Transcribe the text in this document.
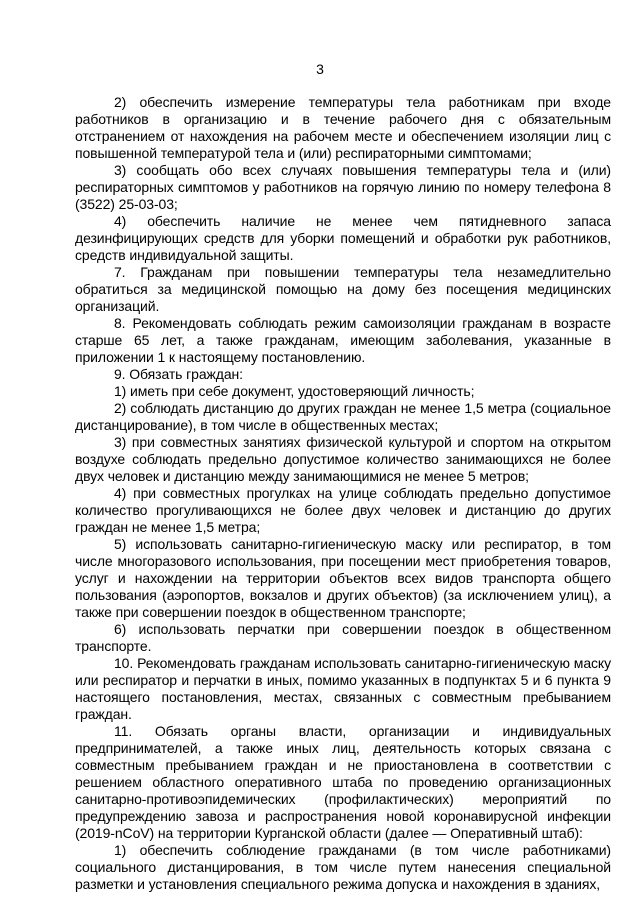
3

2) обеспечить измерение температуры тела работникам при входе работников в организацию и в течение рабочего дня с обязательным отстранением от нахождения на рабочем месте и обеспечением изоляции лиц с повышенной температурой тела и (или) респираторными симптомами;

3) сообщать обо всех случаях повышения температуры тела и (или) респираторных симптомов у работников на горячую линию по номеру телефона 8 (3522) 25-03-03;

4) обеспечить наличие не менее чем пятидневного запаса дезинфицирующих средств для уборки помещений и обработки рук работников, средств индивидуальной защиты.

7. Гражданам при повышении температуры тела незамедлительно обратиться за медицинской помощью на дому без посещения медицинских организаций.

8. Рекомендовать соблюдать режим самоизоляции гражданам в возрасте старше 65 лет, а также гражданам, имеющим заболевания, указанные в приложении 1 к настоящему постановлению.

9. Обязать граждан:

1) иметь при себе документ, удостоверяющий личность;

2) соблюдать дистанцию до других граждан не менее 1,5 метра (социальное дистанцирование), в том числе в общественных местах;

3) при совместных занятиях физической культурой и спортом на открытом воздухе соблюдать предельно допустимое количество занимающихся не более двух человек и дистанцию между занимающимися не менее 5 метров;

4) при совместных прогулках на улице соблюдать предельно допустимое количество прогуливающихся не более двух человек и дистанцию до других граждан не менее 1,5 метра;

5) использовать санитарно-гигиеническую маску или респиратор, в том числе многоразового использования, при посещении мест приобретения товаров, услуг и нахождении на территории объектов всех видов транспорта общего пользования (аэропортов, вокзалов и других объектов) (за исключением улиц), а также при совершении поездок в общественном транспорте;

6) использовать перчатки при совершении поездок в общественном транспорте.

10. Рекомендовать гражданам использовать санитарно-гигиеническую маску или респиратор и перчатки в иных, помимо указанных в подпунктах 5 и 6 пункта 9 настоящего постановления, местах, связанных с совместным пребыванием граждан.

11. Обязать органы власти, организации и индивидуальных предпринимателей, а также иных лиц, деятельность которых связана с совместным пребыванием граждан и не приостановлена в соответствии с решением областного оперативного штаба по проведению организационных санитарно-противоэпидемических (профилактических) мероприятий по предупреждению завоза и распространения новой коронавирусной инфекции (2019-nCoV) на территории Курганской области (далее — Оперативный штаб):

1) обеспечить соблюдение гражданами (в том числе работниками) социального дистанцирования, в том числе путем нанесения специальной разметки и установления специального режима допуска и нахождения в зданиях,
